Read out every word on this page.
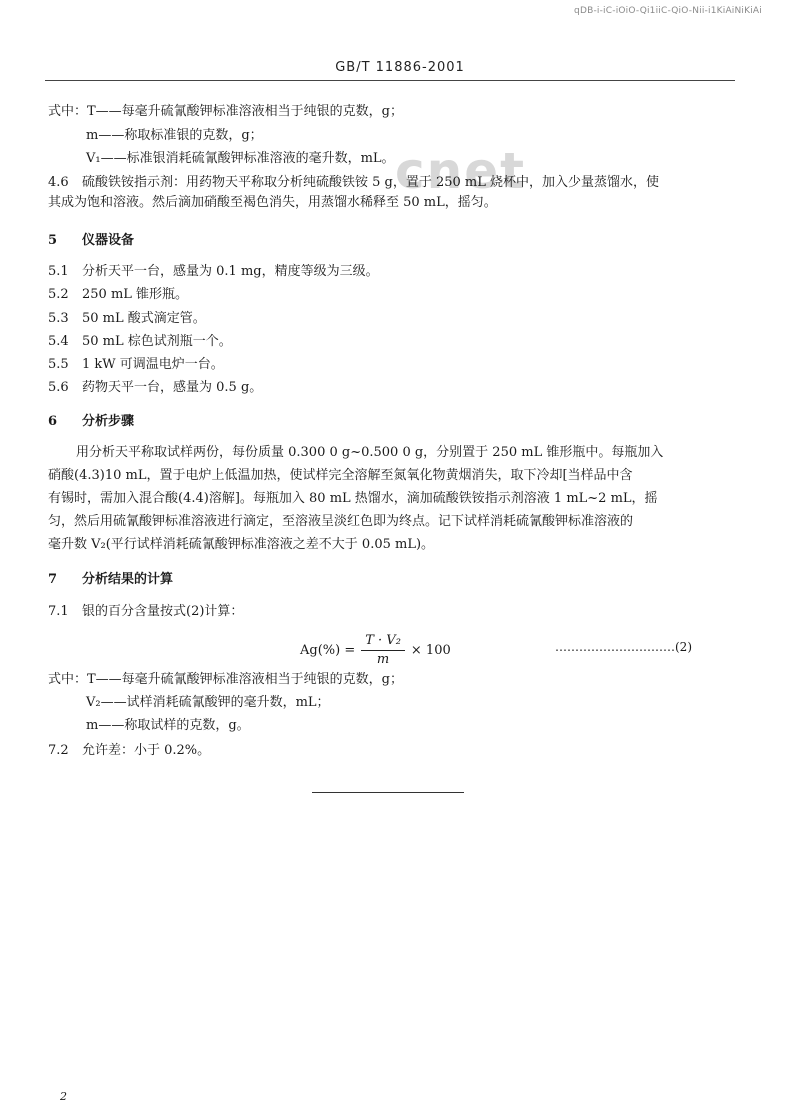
qDB-i-iC-iOiO-Qi1iiC-QiO-Nii-i1KiAiNiKiAi
GB/T 11886-2001
cnet
式中：T——每毫升硫氰酸钾标准溶液相当于纯银的克数，g；
m——称取标准银的克数，g；
V₁——标准银消耗硫氰酸钾标准溶液的毫升数，mL。
4.6 硫酸铁铵指示剂：用药物天平称取分析纯硫酸铁铵 5 g，置于 250 mL 烧杯中，加入少量蒸馏水，使
其成为饱和溶液。然后滴加硝酸至褐色消失，用蒸馏水稀释至 50 mL，摇匀。
5 仪器设备
5.1 分析天平一台，感量为 0.1 mg，精度等级为三级。
5.2 250 mL 锥形瓶。
5.3 50 mL 酸式滴定管。
5.4 50 mL 棕色试剂瓶一个。
5.5 1 kW 可调温电炉一台。
5.6 药物天平一台，感量为 0.5 g。
6 分析步骤
用分析天平称取试样两份，每份质量 0.300 0 g~0.500 0 g，分别置于 250 mL 锥形瓶中。每瓶加入
硝酸(4.3)10 mL，置于电炉上低温加热，使试样完全溶解至氮氧化物黄烟消失，取下冷却[当样品中含
有锡时，需加入混合酸(4.4)溶解]。每瓶加入 80 mL 热馏水，滴加硫酸铁铵指示剂溶液 1 mL~2 mL，摇
匀，然后用硫氰酸钾标准溶液进行滴定，至溶液呈淡红色即为终点。记下试样消耗硫氰酸钾标准溶液的
毫升数 V₂(平行试样消耗硫氰酸钾标准溶液之差不大于 0.05 mL)。
7 分析结果的计算
7.1 银的百分含量按式(2)计算：
$Ag(\%) = \frac{\text{T · V₂}}{m} \times 100$	…………………………(2)
式中：T——每毫升硫氰酸钾标准溶液相当于纯银的克数，g；
V₂——试样消耗硫氰酸钾的毫升数，mL；
m——称取试样的克数，g。
7.2 允许差：小于 0.2%。
2
